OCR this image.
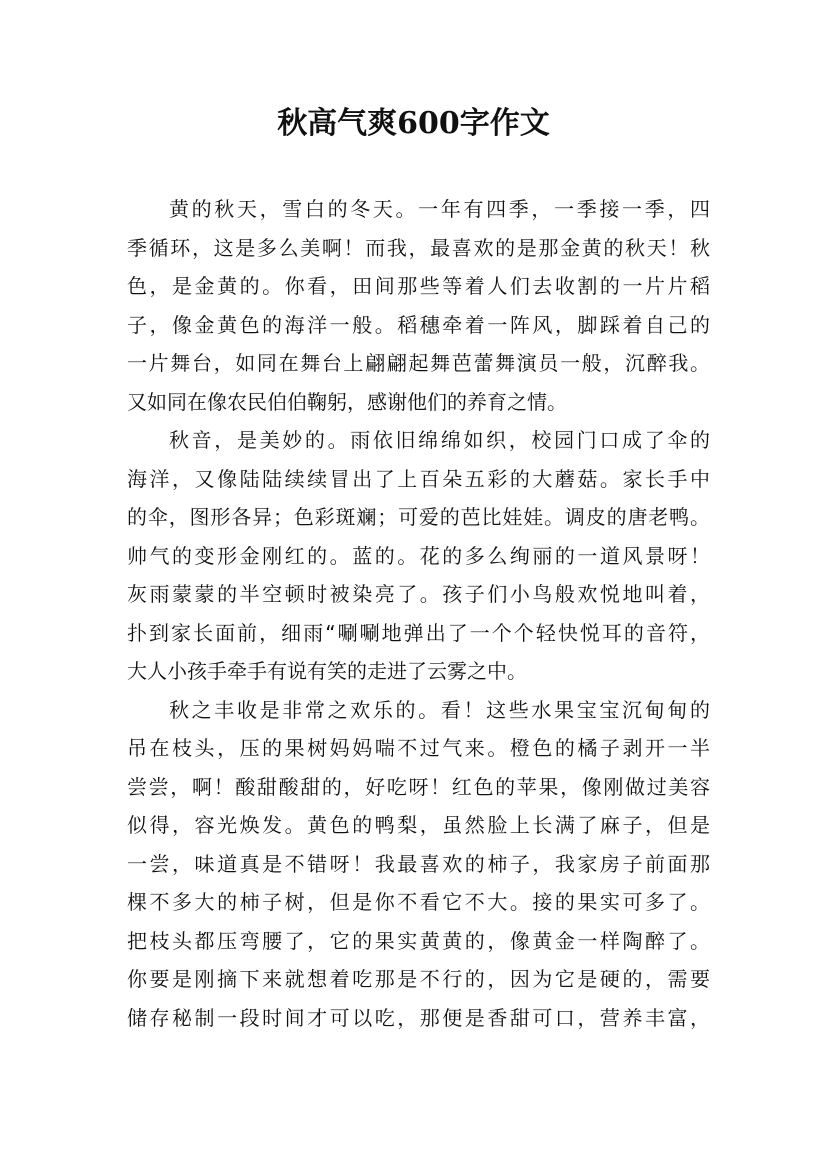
秋高气爽600字作文
黄的秋天，雪白的冬天。一年有四季，一季接一季，四
季循环，这是多么美啊！而我，最喜欢的是那金黄的秋天！秋
色，是金黄的。你看，田间那些等着人们去收割的一片片稻
子，像金黄色的海洋一般。稻穗牵着一阵风，脚踩着自己的
一片舞台，如同在舞台上翩翩起舞芭蕾舞演员一般，沉醉我。
又如同在像农民伯伯鞠躬，感谢他们的养育之情。
秋音，是美妙的。雨依旧绵绵如织，校园门口成了伞的
海洋，又像陆陆续续冒出了上百朵五彩的大蘑菇。家长手中
的伞，图形各异；色彩斑斓；可爱的芭比娃娃。调皮的唐老鸭。
帅气的变形金刚红的。蓝的。花的多么绚丽的一道风景呀！
灰雨蒙蒙的半空顿时被染亮了。孩子们小鸟般欢悦地叫着，
扑到家长面前，细雨“唰唰地弹出了一个个轻快悦耳的音符，
大人小孩手牵手有说有笑的走进了云雾之中。
秋之丰收是非常之欢乐的。看！这些水果宝宝沉甸甸的
吊在枝头，压的果树妈妈喘不过气来。橙色的橘子剥开一半
尝尝，啊！酸甜酸甜的，好吃呀！红色的苹果，像刚做过美容
似得，容光焕发。黄色的鸭梨，虽然脸上长满了麻子，但是
一尝，味道真是不错呀！我最喜欢的柿子，我家房子前面那
棵不多大的柿子树，但是你不看它不大。接的果实可多了。
把枝头都压弯腰了，它的果实黄黄的，像黄金一样陶醉了。
你要是刚摘下来就想着吃那是不行的，因为它是硬的，需要
储存秘制一段时间才可以吃，那便是香甜可口，营养丰富，
